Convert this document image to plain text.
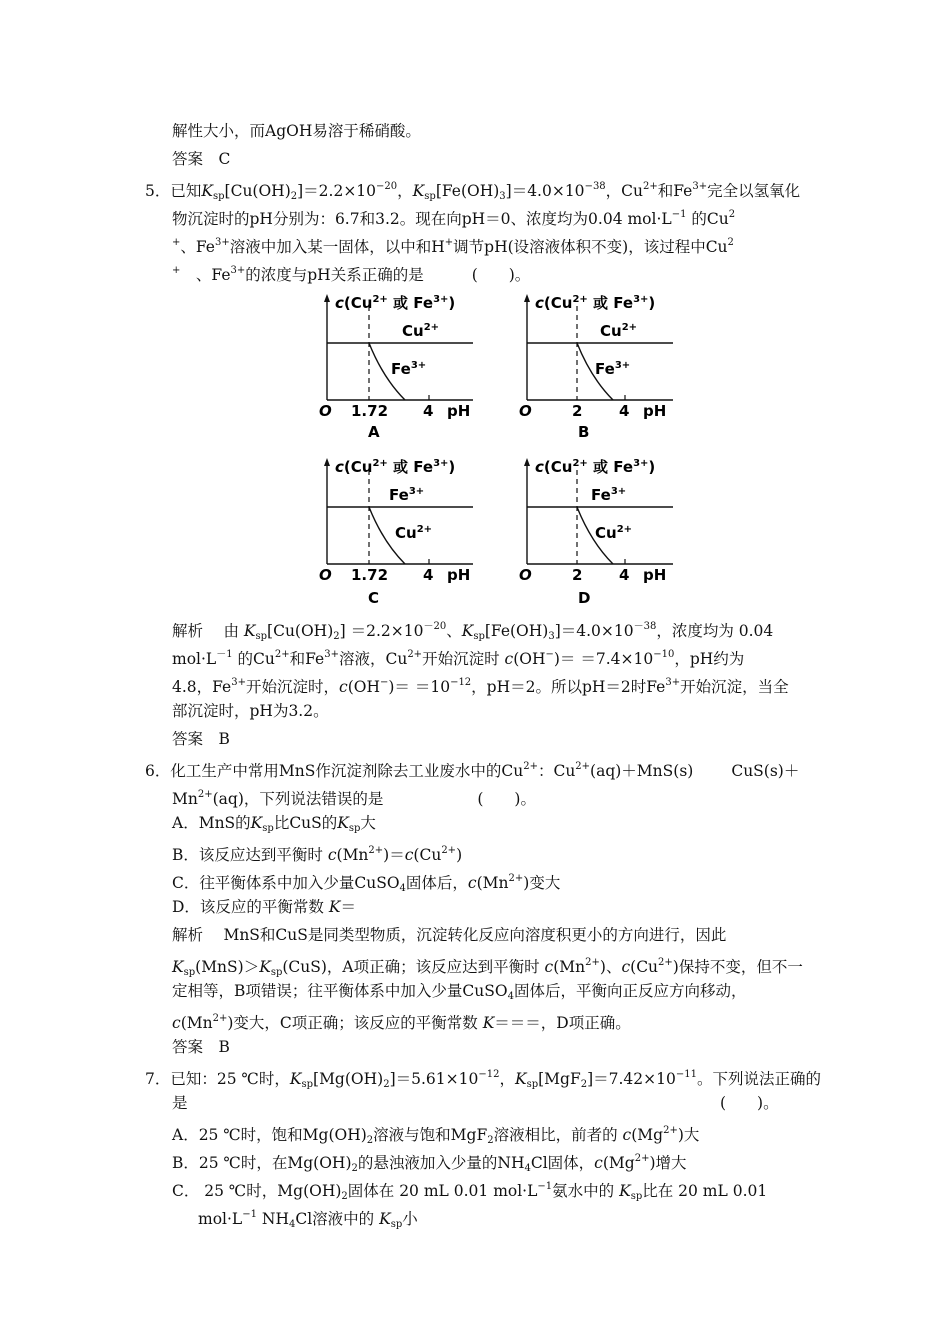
解性大小，而AgOH易溶于稀硝酸。
答案　 C
5．已知$K_{sp}[Cu(OH)_2]=2.2\times 10^{-20}$，$K_{sp}[Fe(OH)_3]=4.0\times 10^{-38}$，$Cu^{2+}$和$Fe^{3+}$完全以氢氧化
物沉淀时的pH分别为：6.7和3.2。现在向pH＝0、浓度均为0.04 $mol\cdot L^{-1}$ 的Cu$^2$
+、$Fe^{3+}$溶液中加入某一固体，以中和H+调节pH(设溶液体积不变)，该过程中Cu$^2$
+　 、$Fe^{3+}$的浓度与pH关系正确的是	(　　)。
$c(Cu^{2+}$ 或 $Fe^{3+}$)
$Cu^{2+}$
$Fe^{3+}$
O 1.72 4 pH
A
$c(Cu^{2+}$ 或 $Fe^{3+}$)
$Cu^{2+}$
$Fe^{3+}$
O	2 4 pH
B
$c(Cu^{2+}$ 或 $Fe^{3+}$)
$Fe^{3+}$
$Cu^{2+}$
O 1.72 4 pH
C
$c(Cu^{2+}$ 或 $Fe^{3+}$)
$Fe^{3+}$
$Cu^{2+}$
O	2 4 pH
D
解析　 由 $K_{sp}[Cu(OH)_2] =2.2\times 10^{-20}$、$K_{sp}[Fe(OH)_3]=4.0\times 10^{-38}$，浓度均为 0.04
$mol\cdot L^{-1}$ 的$Cu^{2+}$和$Fe^{3+}$溶液，$Cu^{2+}$开始沉淀时 $c(OH^-)= =7.4\times 10^{-10}$，pH约为
4.8，$Fe^{3+}$开始沉淀时，$c(OH^-)= =10^{-12}$，pH＝2。所以pH＝2时$Fe^{3+}$开始沉淀，当全
部沉淀时，pH为3.2。
答案　 B
6．化工生产中常用MnS作沉淀剂除去工业废水中的$Cu^{2+}$：$Cu^{2+}(aq)+MnS(s)$ CuS(s)＋
$Mn^{2+}(aq)$，下列说法错误的是	(　　)。
A．MnS的$K_{sp}$比CuS的$K_{sp}$大
B．该反应达到平衡时 $c(Mn^{2+})=c(Cu^{2+})$
C．往平衡体系中加入少量CuSO$_4$固体后，$c(Mn^{2+})$变大
D．该反应的平衡常数 K＝
解析　 MnS和CuS是同类型物质，沉淀转化反应向溶度积更小的方向进行，因此
$K_{sp}(MnS)>K_{sp}(CuS)$，A项正确；该反应达到平衡时 $c(Mn^{2+})$、$c(Cu^{2+})$保持不变，但不一
定相等，B项错误；往平衡体系中加入少量CuSO$_4$固体后，平衡向正反应方向移动，
$c(Mn^{2+})$变大，C项正确；该反应的平衡常数 K＝＝＝，D项正确。
答案　 B
7．已知：25 ℃时，$K_{sp}[Mg(OH)_2]=5.61\times 10^{-12}$，$K_{sp}[MgF_2]=7.42\times 10^{-11}$。下列说法正确的
是	(　　)。
A．25 ℃时，饱和$Mg(OH)_2$溶液与饱和MgF$_2$溶液相比，前者的 $c(Mg^{2+})$大
B．25 ℃时，在$Mg(OH)_2$的悬浊液加入少量的$NH_4Cl$固体，$c(Mg^{2+})$增大
C． 25 ℃时，$Mg(OH)_2$固体在 20 mL 0.01 $mol\cdot L^{-1}$氨水中的 $K_{sp}$比在 20 mL 0.01
$mol\cdot L^{-1}$ $NH_4Cl$溶液中的 $K_{sp}$小
